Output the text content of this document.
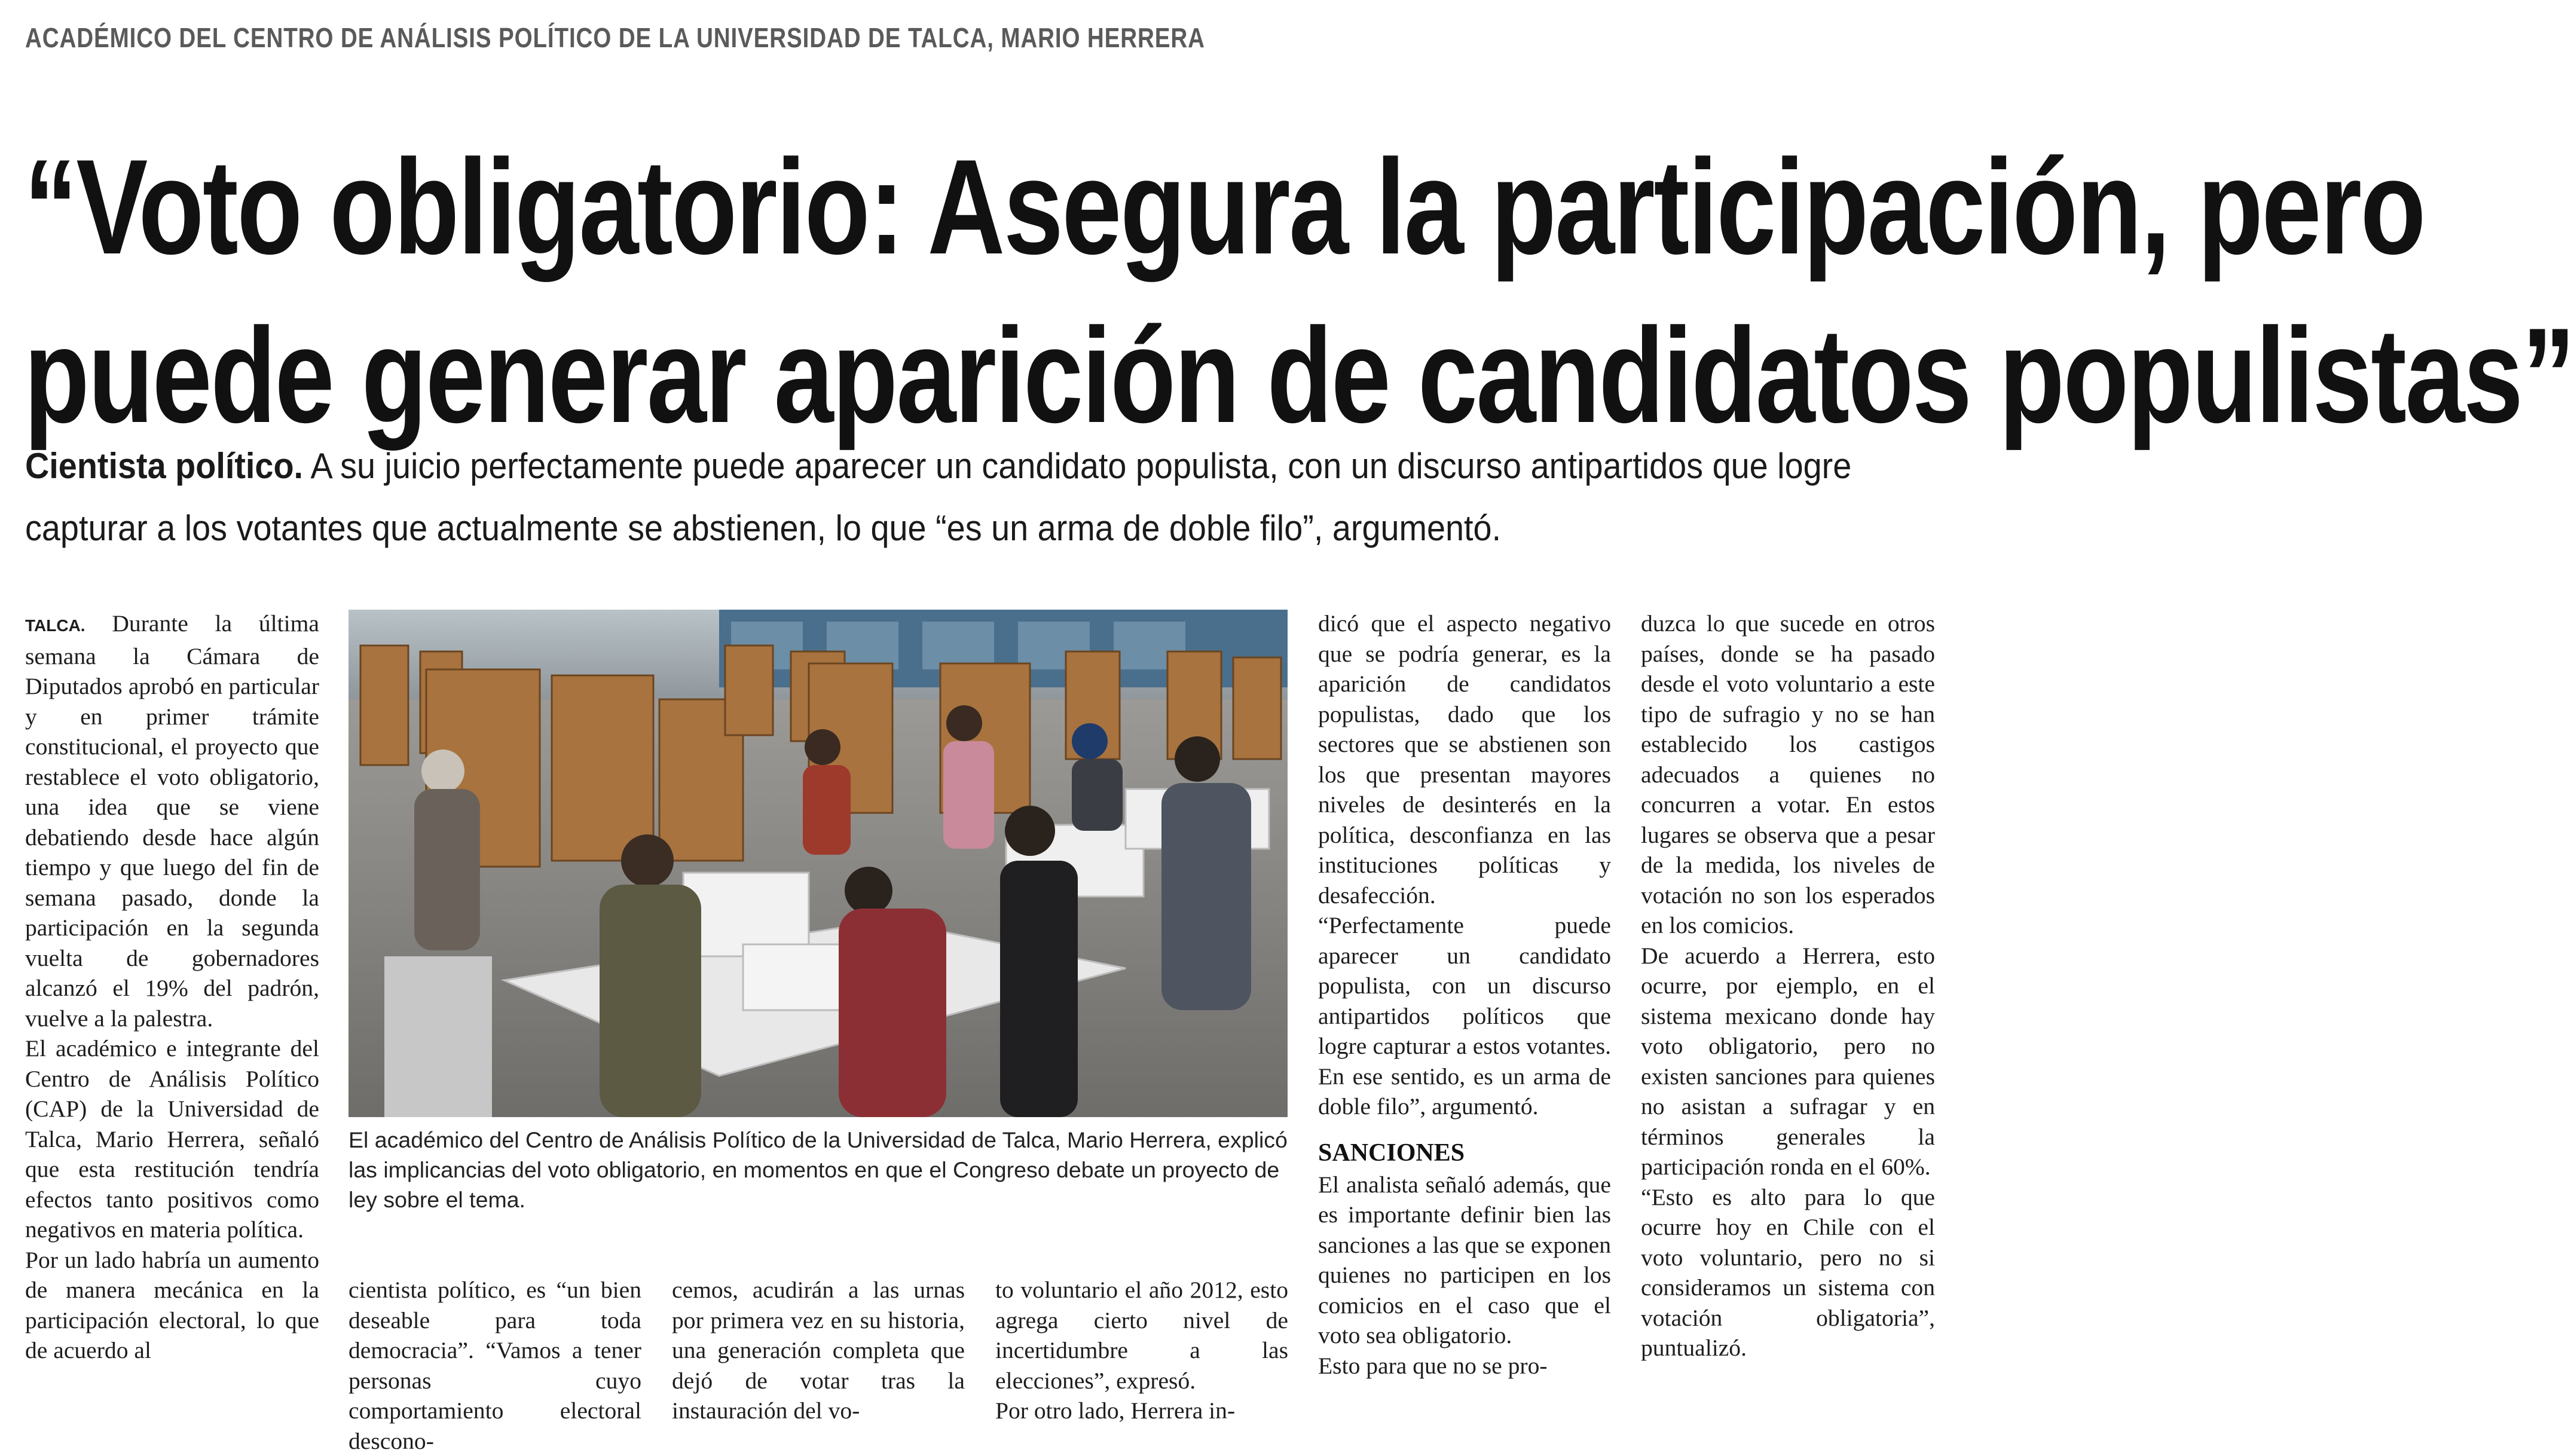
ACADÉMICO DEL CENTRO DE ANÁLISIS POLÍTICO DE LA UNIVERSIDAD DE TALCA, MARIO HERRERA
“Voto obligatorio: Asegura la participación, pero
puede generar aparición de candidatos populistas”
Cientista político. A su juicio perfectamente puede aparecer un candidato populista, con un discurso antipartidos que logre capturar a los votantes que actualmente se abstienen, lo que “es un arma de doble filo”, argumentó.

TALCA. Durante la última semana la Cámara de Diputados aprobó en particular y en primer trámite constitucional, el proyecto que restablece el voto obligatorio, una idea que se viene debatiendo desde hace algún tiempo y que luego del fin de semana pasado, donde la participación en la segunda vuelta de gobernadores alcanzó el 19% del padrón, vuelve a la palestra.

El académico e integrante del Centro de Análisis Político (CAP) de la Universidad de Talca, Mario Herrera, señaló que esta restitución tendría efectos tanto positivos como negativos en materia política.

Por un lado habría un aumento de manera mecánica en la participación electoral, lo que de acuerdo al

El académico del Centro de Análisis Político de la Universidad de Talca, Mario Herrera, explicó las implicancias del voto obligatorio, en momentos en que el Congreso debate un proyecto de ley sobre el tema.

cientista político, es “un bien deseable para toda democracia”. “Vamos a tener personas cuyo comportamiento electoral descono-

cemos, acudirán a las urnas por primera vez en su historia, una generación completa que dejó de votar tras la instauración del vo-

to voluntario el año 2012, esto agrega cierto nivel de incertidumbre a las elecciones”, expresó.

Por otro lado, Herrera in-

dicó que el aspecto negativo que se podría generar, es la aparición de candidatos populistas, dado que los sectores que se abstienen son los que presentan mayores niveles de desinterés en la política, desconfianza en las instituciones políticas y desafección.

“Perfectamente puede aparecer un candidato populista, con un discurso antipartidos políticos que logre capturar a estos votantes. En ese sentido, es un arma de doble filo”, argumentó.

SANCIONES

El analista señaló además, que es importante definir bien las sanciones a las que se exponen quienes no participen en los comicios en el caso que el voto sea obligatorio.

Esto para que no se pro-

duzca lo que sucede en otros países, donde se ha pasado desde el voto voluntario a este tipo de sufragio y no se han establecido los castigos adecuados a quienes no concurren a votar. En estos lugares se observa que a pesar de la medida, los niveles de votación no son los esperados en los comicios.

De acuerdo a Herrera, esto ocurre, por ejemplo, en el sistema mexicano donde hay voto obligatorio, pero no existen sanciones para quienes no asistan a sufragar y en términos generales la participación ronda en el 60%.

“Esto es alto para lo que ocurre hoy en Chile con el voto voluntario, pero no si consideramos un sistema con votación obligatoria”, puntualizó.
